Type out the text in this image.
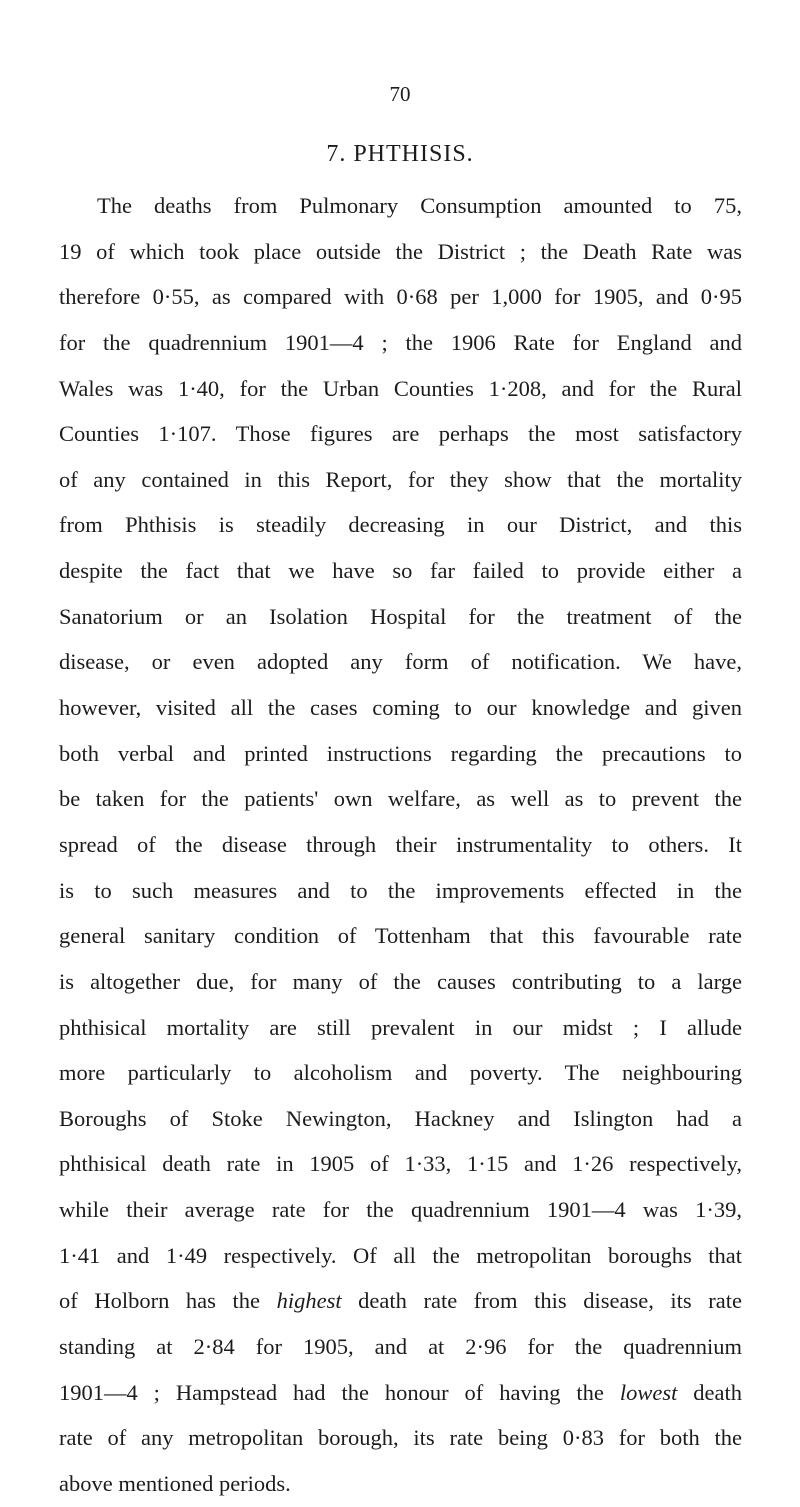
70
7. PHTHISIS.
The deaths from Pulmonary Consumption amounted to 75,
19 of which took place outside the District ; the Death Rate was
therefore 0·55, as compared with 0·68 per 1,000 for 1905, and 0·95
for the quadrennium 1901—4 ; the 1906 Rate for England and
Wales was 1·40, for the Urban Counties 1·208, and for the Rural
Counties 1·107. Those figures are perhaps the most satisfactory
of any contained in this Report, for they show that the mortality
from Phthisis is steadily decreasing in our District, and this
despite the fact that we have so far failed to provide either a
Sanatorium or an Isolation Hospital for the treatment of the
disease, or even adopted any form of notification. We have,
however, visited all the cases coming to our knowledge and given
both verbal and printed instructions regarding the precautions to
be taken for the patients' own welfare, as well as to prevent the
spread of the disease through their instrumentality to others. It
is to such measures and to the improvements effected in the
general sanitary condition of Tottenham that this favourable rate
is altogether due, for many of the causes contributing to a large
phthisical mortality are still prevalent in our midst ; I allude
more particularly to alcoholism and poverty. The neighbouring
Boroughs of Stoke Newington, Hackney and Islington had a
phthisical death rate in 1905 of 1·33, 1·15 and 1·26 respectively,
while their average rate for the quadrennium 1901—4 was 1·39,
1·41 and 1·49 respectively. Of all the metropolitan boroughs that
of Holborn has the highest death rate from this disease, its rate
standing at 2·84 for 1905, and at 2·96 for the quadrennium
1901—4 ; Hampstead had the honour of having the lowest death
rate of any metropolitan borough, its rate being 0·83 for both the
above mentioned periods.
